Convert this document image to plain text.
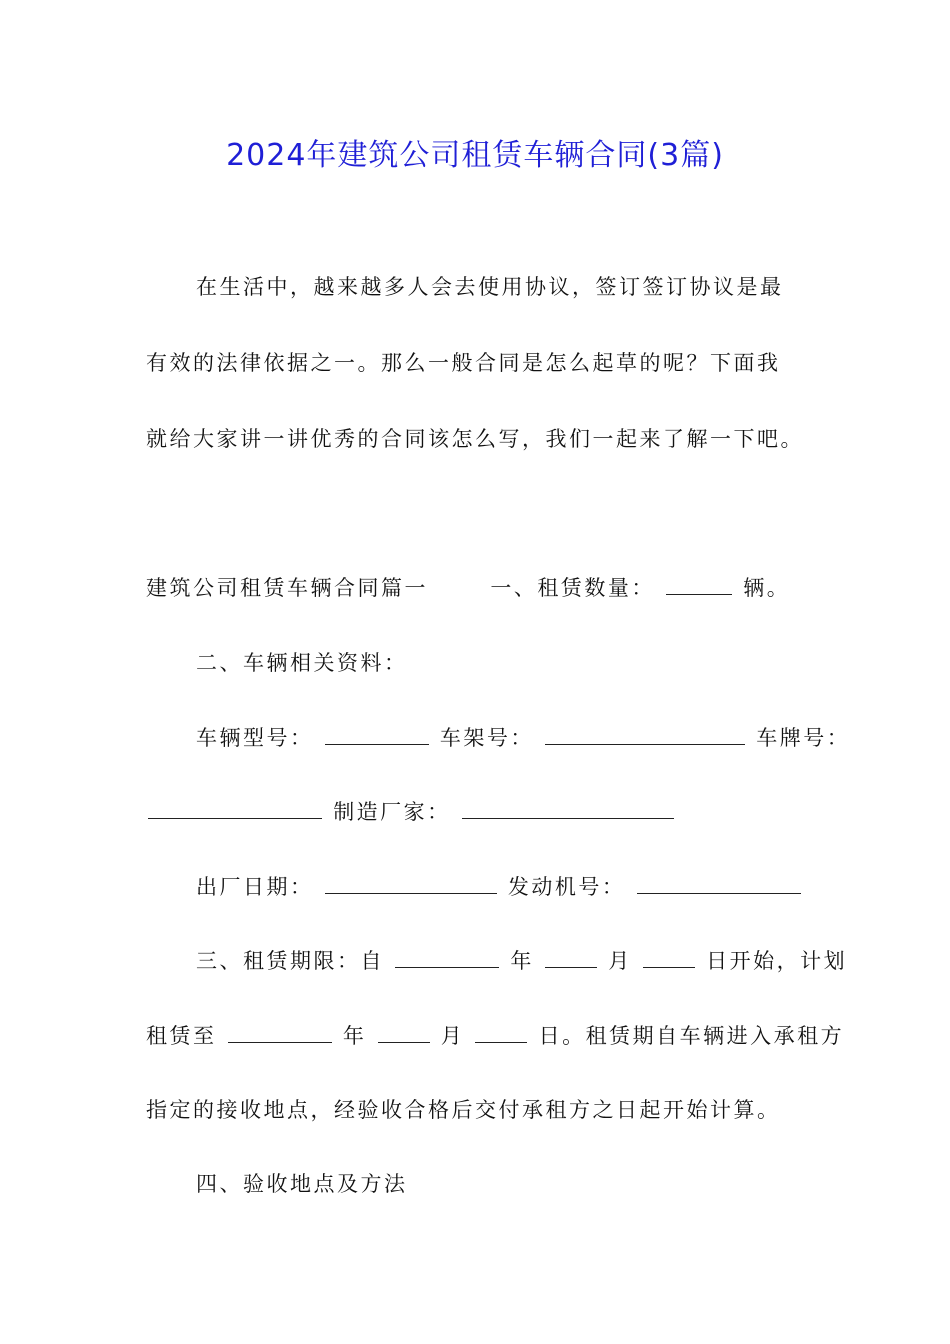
2024年建筑公司租赁车辆合同(3篇)
在生活中，越来越多人会去使用协议，签订签订协议是最
有效的法律依据之一。那么一般合同是怎么起草的呢？下面我
就给大家讲一讲优秀的合同该怎么写，我们一起来了解一下吧。
建筑公司租赁车辆合同篇一	一、租赁数量：	辆。
二、车辆相关资料：
车辆型号：	车架号：	车牌号：
制造厂家：
出厂日期：	发动机号：
三、租赁期限：自	年	月	日开始，计划
租赁至	年	月	日。租赁期自车辆进入承租方
指定的接收地点，经验收合格后交付承租方之日起开始计算。
四、验收地点及方法
